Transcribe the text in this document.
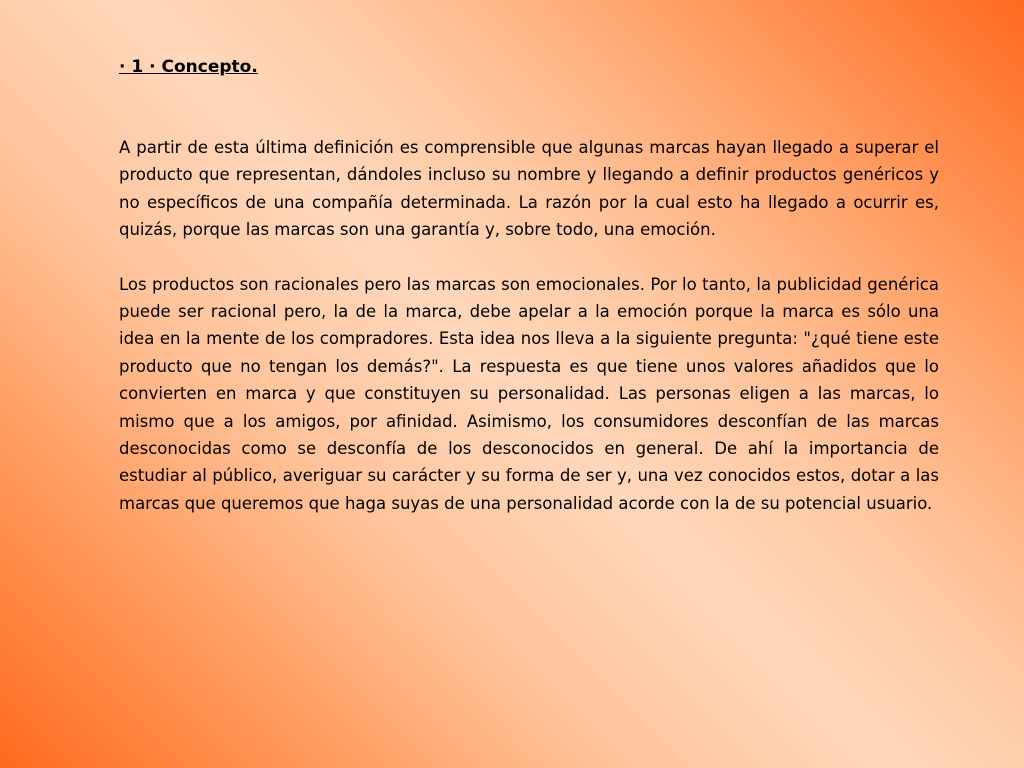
· 1 · Concepto.

A partir de esta última definición es comprensible que algunas marcas hayan llegado a superar el producto que representan, dándoles incluso su nombre y llegando a definir productos genéricos y no específicos de una compañía determinada. La razón por la cual esto ha llegado a ocurrir es, quizás, porque las marcas son una garantía y, sobre todo, una emoción.

Los productos son racionales pero las marcas son emocionales. Por lo tanto, la publicidad genérica puede ser racional pero, la de la marca, debe apelar a la emoción porque la marca es sólo una idea en la mente de los compradores. Esta idea nos lleva a la siguiente pregunta: "¿qué tiene este producto que no tengan los demás?". La respuesta es que tiene unos valores añadidos que lo convierten en marca y que constituyen su personalidad. Las personas eligen a las marcas, lo mismo que a los amigos, por afinidad. Asimismo, los consumidores desconfían de las marcas desconocidas como se desconfía de los desconocidos en general. De ahí la importancia de estudiar al público, averiguar su carácter y su forma de ser y, una vez conocidos estos, dotar a las marcas que queremos que haga suyas de una personalidad acorde con la de su potencial usuario.
